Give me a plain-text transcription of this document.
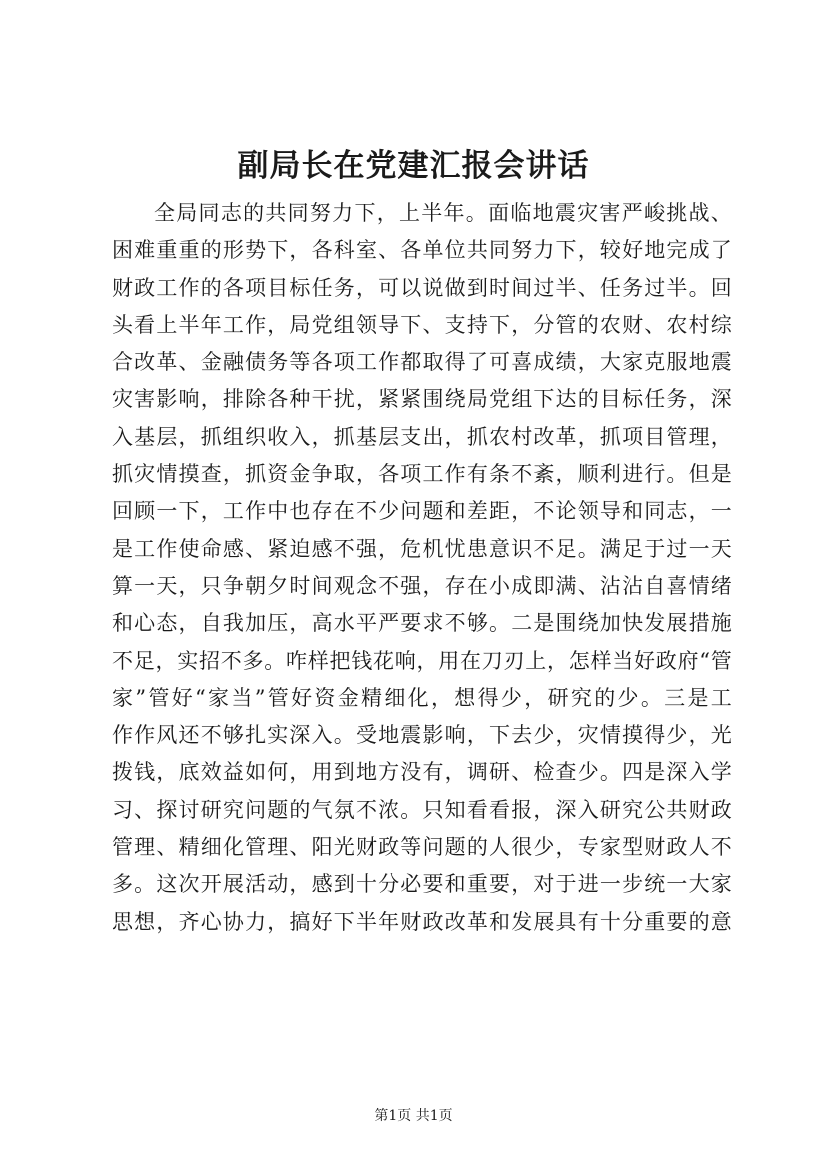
副局长在党建汇报会讲话
全局同志的共同努力下，上半年。面临地震灾害严峻挑战、
困难重重的形势下，各科室、各单位共同努力下，较好地完成了
财政工作的各项目标任务，可以说做到时间过半、任务过半。回
头看上半年工作，局党组领导下、支持下，分管的农财、农村综
合改革、金融债务等各项工作都取得了可喜成绩，大家克服地震
灾害影响，排除各种干扰，紧紧围绕局党组下达的目标任务，深
入基层，抓组织收入，抓基层支出，抓农村改革，抓项目管理，
抓灾情摸查，抓资金争取，各项工作有条不紊，顺利进行。但是
回顾一下，工作中也存在不少问题和差距，不论领导和同志，一
是工作使命感、紧迫感不强，危机忧患意识不足。满足于过一天
算一天，只争朝夕时间观念不强，存在小成即满、沾沾自喜情绪
和心态，自我加压，高水平严要求不够。二是围绕加快发展措施
不足，实招不多。咋样把钱花响，用在刀刃上，怎样当好政府“管
家”管好“家当”管好资金精细化，想得少，研究的少。三是工
作作风还不够扎实深入。受地震影响，下去少，灾情摸得少，光
拨钱，底效益如何，用到地方没有，调研、检查少。四是深入学
习、探讨研究问题的气氛不浓。只知看看报，深入研究公共财政
管理、精细化管理、阳光财政等问题的人很少，专家型财政人不
多。这次开展活动，感到十分必要和重要，对于进一步统一大家
思想，齐心协力，搞好下半年财政改革和发展具有十分重要的意
第1页 共1页
